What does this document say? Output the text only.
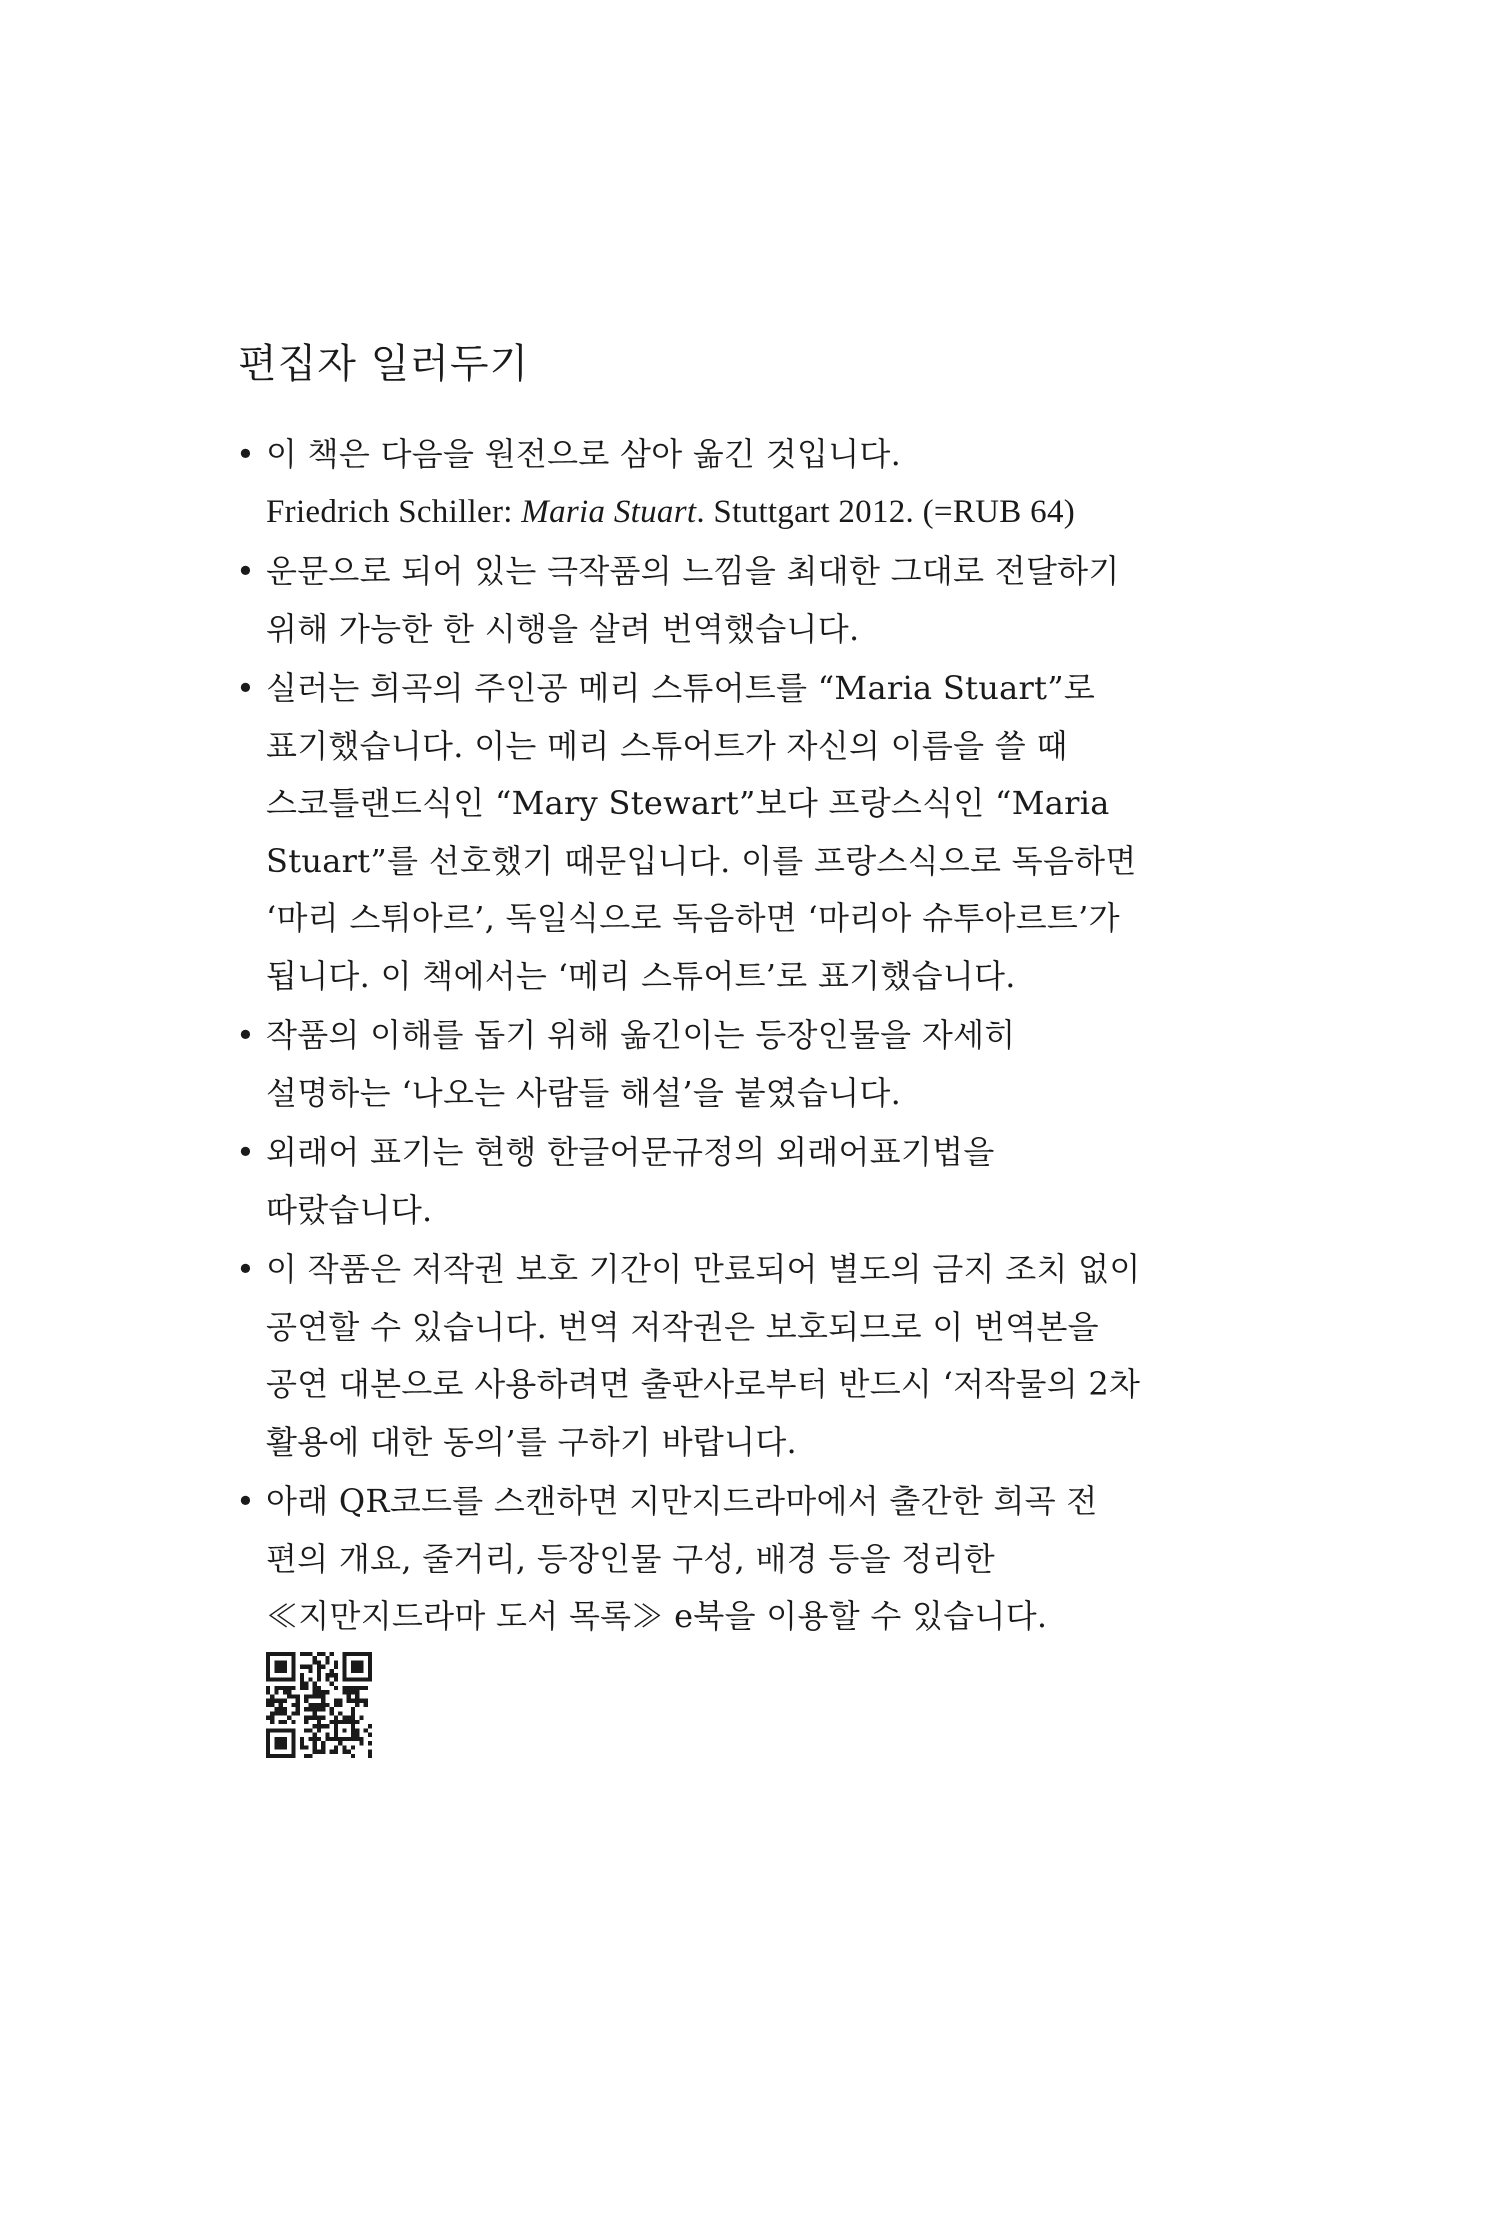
편집자 일러두기
• 이 책은 다음을 원전으로 삼아 옮긴 것입니다.
Friedrich Schiller: Maria Stuart. Stuttgart 2012. (=RUB 64)
• 운문으로 되어 있는 극작품의 느낌을 최대한 그대로 전달하기
위해 가능한 한 시행을 살려 번역했습니다.
• 실러는 희곡의 주인공 메리 스튜어트를 “Maria Stuart”로
표기했습니다. 이는 메리 스튜어트가 자신의 이름을 쓸 때
스코틀랜드식인 “Mary Stewart”보다 프랑스식인 “Maria
Stuart”를 선호했기 때문입니다. 이를 프랑스식으로 독음하면
‘마리 스튀아르’, 독일식으로 독음하면 ‘마리아 슈투아르트’가
됩니다. 이 책에서는 ‘메리 스튜어트’로 표기했습니다.
• 작품의 이해를 돕기 위해 옮긴이는 등장인물을 자세히
설명하는 ‘나오는 사람들 해설’을 붙였습니다.
• 외래어 표기는 현행 한글어문규정의 외래어표기법을
따랐습니다.
• 이 작품은 저작권 보호 기간이 만료되어 별도의 금지 조치 없이
공연할 수 있습니다. 번역 저작권은 보호되므로 이 번역본을
공연 대본으로 사용하려면 출판사로부터 반드시 ‘저작물의 2차
활용에 대한 동의’를 구하기 바랍니다.
• 아래 QR코드를 스캔하면 지만지드라마에서 출간한 희곡 전
편의 개요, 줄거리, 등장인물 구성, 배경 등을 정리한
≪지만지드라마 도서 목록≫ e북을 이용할 수 있습니다.
